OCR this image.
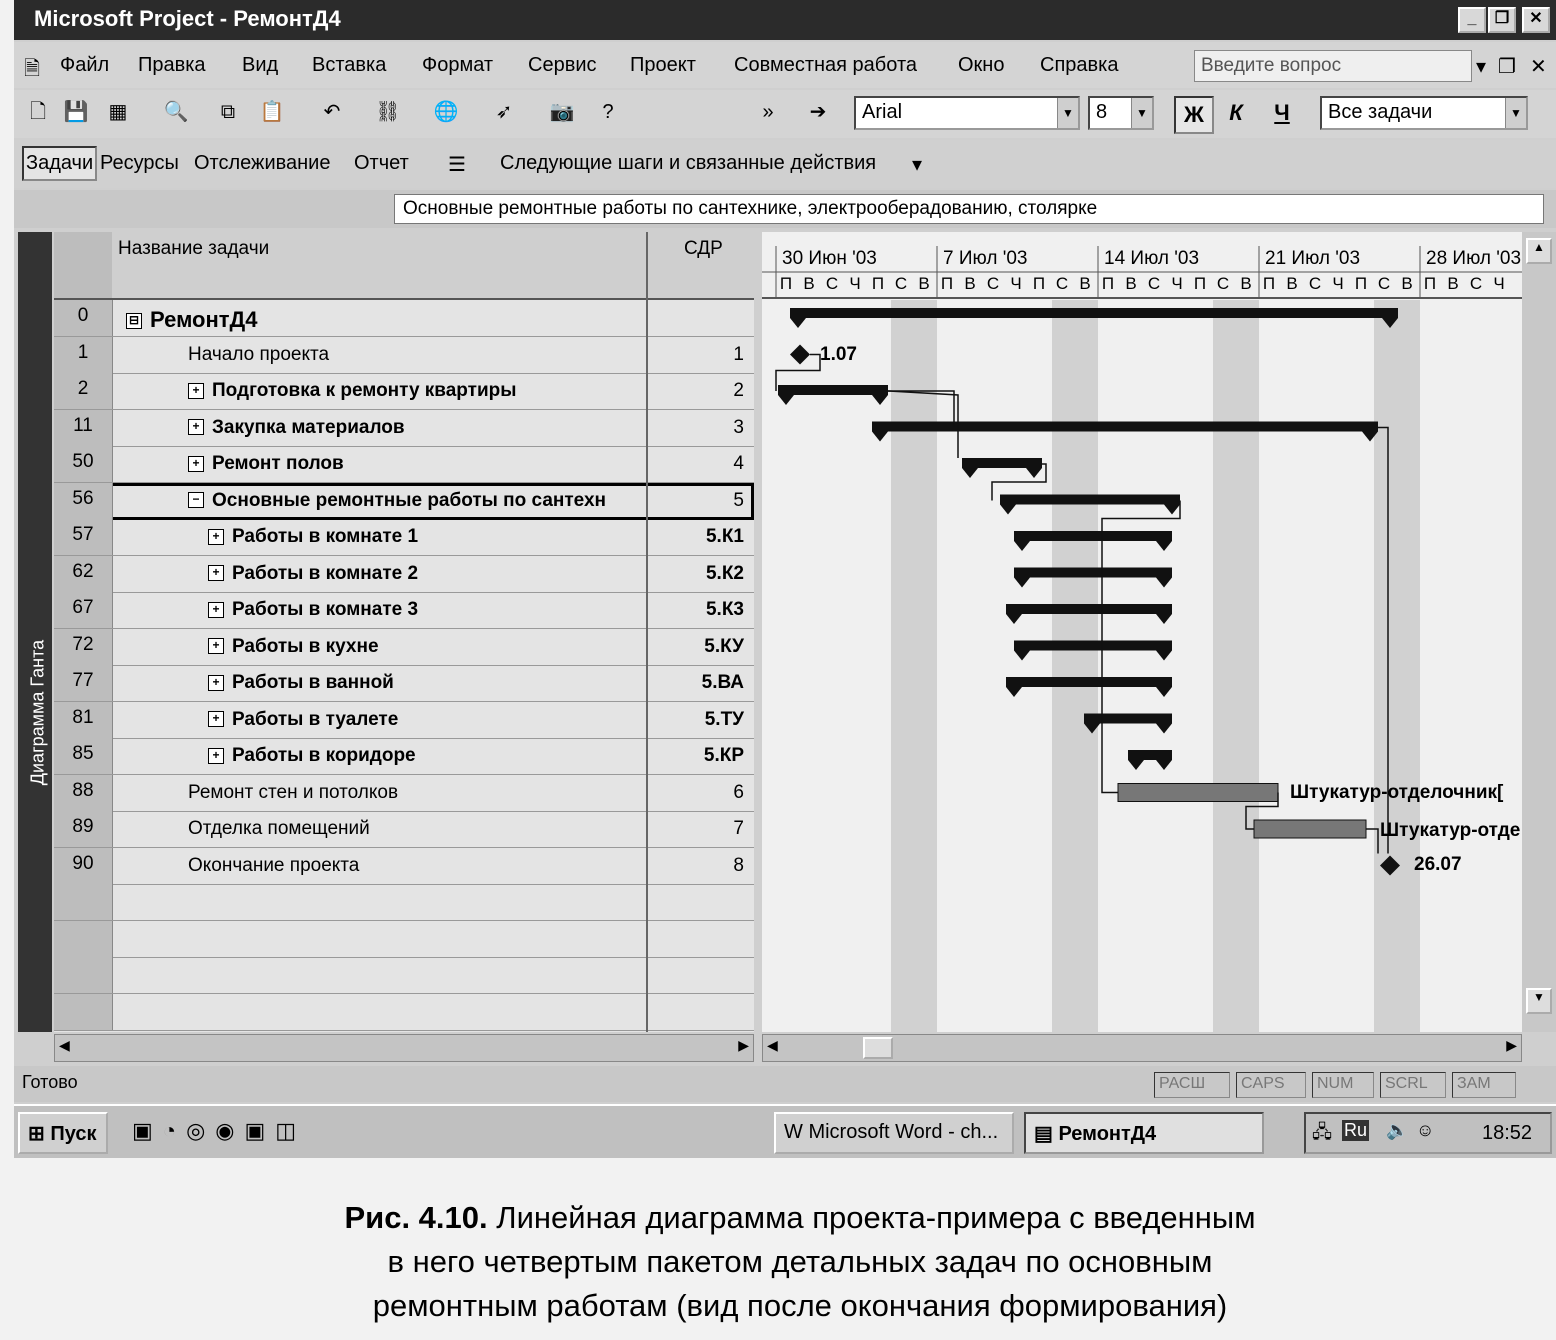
Microsoft Project - РемонтД4	_	❐	✕
🗎 Файл Правка Вид Вставка Формат Сервис Проект Совместная работа Окно Справка	Введите вопрос	▾ ❐ ✕
🗋 💾 ▦ 🔍	⧉	📋 ↶ ⛓ 🌐 ➶ 📷	?	»	➔	Arial	▼	8	▼	Ж	К	Ч	Все задачи	▼
Задачи Ресурсы Отслеживание Отчет ☰ Следующие шаги и связанные действия ▾
Основные ремонтные работы по сантехнике, электрооберадованию, столярке
Диаграмма Ганта
Название задачи	СДР
0	⊟ РемонтД4
1	Начало проекта	1
2	+ Подготовка к ремонту квартиры	2
11	+ Закупка материалов	3
50	+ Ремонт полов	4
56	− Основные ремонтные работы по сантехн	5
57	+ Работы в комнате 1	5.К1
62	+ Работы в комнате 2	5.К2
67	+ Работы в комнате 3	5.К3
72	+ Работы в кухне	5.КУ
77	+ Работы в ванной	5.ВА
81	+ Работы в туалете	5.ТУ
85	+ Работы в коридоре	5.КР
88	Ремонт стен и потолков	6
89	Отделка помещений	7
90	Окончание проекта	8
30 Июн '03
П В С Ч П С В
7 Июл '03
П В С Ч П С В
14 Июл '03
П В С Ч П С В
21 Июл '03
П В С Ч П С В
28 Июл '03
П В С Ч
1.07
Штукатур-отделочник[
Штукатур-отде
26.07
▲
▼
◀	▶ ◀	▶
Готово	РАСШ	CAPS	NUM	SCRL	ЗАМ
⊞ Пуск	▣◔◎◉▣◫	W Microsoft Word - ch...	▤ РемонтД4	🖧 Ru 🔈 ☺ 18:52
Рис. 4.10. Линейная диаграмма проекта-примера с введенным
в него четвертым пакетом детальных задач по основным
ремонтным работам (вид после окончания формирования)
